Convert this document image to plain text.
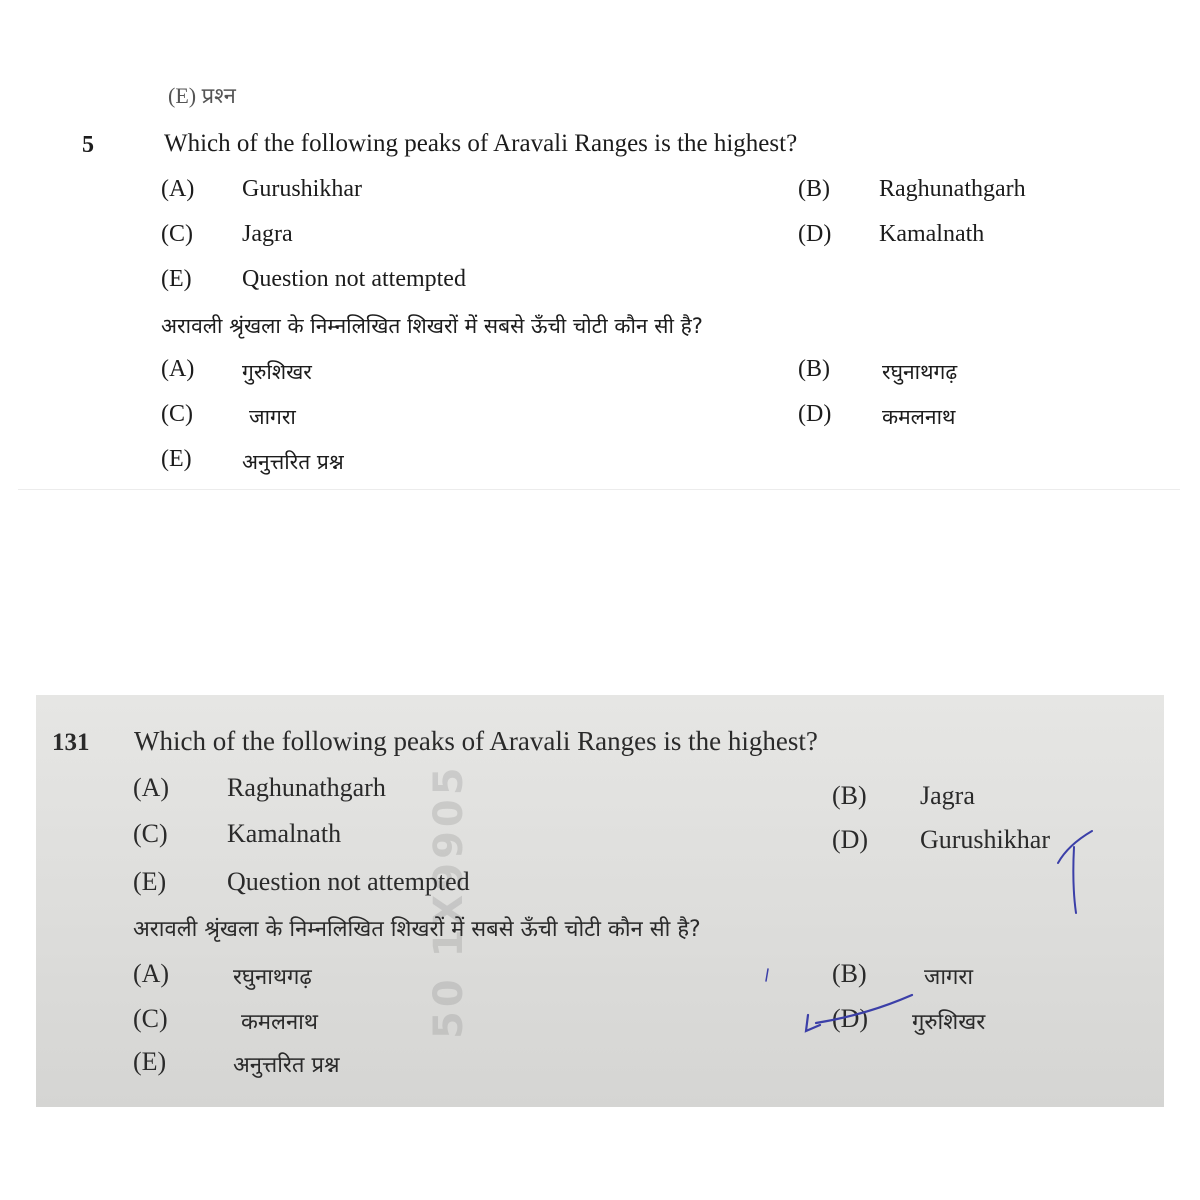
(E) प्रश्‍न
5	Which of the following peaks of Aravali Ranges is the highest?
(A) Gurushikhar	(B) Raghunathgarh
(C) Jagra	(D) Kamalnath
(E) Question not attempted
अरावली श्रृंखला के निम्नलिखित शिखरों में सबसे ऊँची चोटी कौन सी है?
(A) गुरुशिखर	(B) रघुनाथगढ़
(C)	जागरा	(D) कमलनाथ
(E) अनुत्तरित प्रश्न
50 1X9905
131 Which of the following peaks of Aravali Ranges is the highest?
(A) Raghunathgarh	(B) Jagra
(C) Kamalnath	(D) Gurushikhar
(E) Question not attempted
अरावली श्रृंखला के निम्नलिखित शिखरों में सबसे ऊँची चोटी कौन सी है?
(A)	रघुनाथगढ़	(B)	जागरा
(C)	कमलनाथ	(D) गुरुशिखर
(E)	अनुत्तरित प्रश्न
